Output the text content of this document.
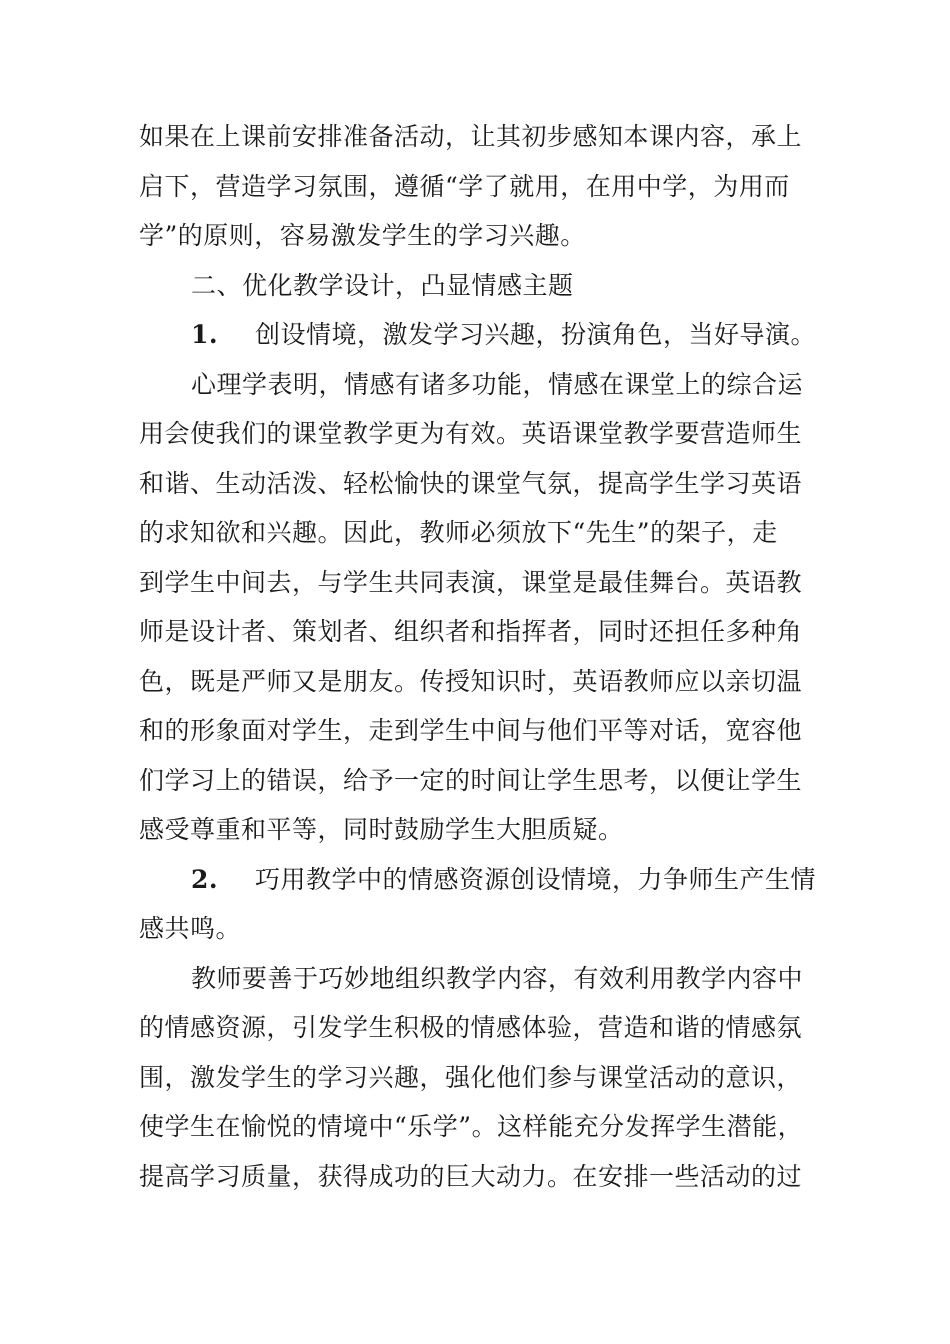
如果在上课前安排准备活动，让其初步感知本课内容，承上
启下，营造学习氛围，遵循“学了就用，在用中学，为用而
学”的原则，容易激发学生的学习兴趣。
二、优化教学设计，凸显情感主题
1. 创设情境，激发学习兴趣，扮演角色，当好导演。
心理学表明，情感有诸多功能，情感在课堂上的综合运
用会使我们的课堂教学更为有效。英语课堂教学要营造师生
和谐、生动活泼、轻松愉快的课堂气氛，提高学生学习英语
的求知欲和兴趣。因此，教师必须放下“先生”的架子，走
到学生中间去，与学生共同表演，课堂是最佳舞台。英语教
师是设计者、策划者、组织者和指挥者，同时还担任多种角
色，既是严师又是朋友。传授知识时，英语教师应以亲切温
和的形象面对学生，走到学生中间与他们平等对话，宽容他
们学习上的错误，给予一定的时间让学生思考，以便让学生
感受尊重和平等，同时鼓励学生大胆质疑。
2. 巧用教学中的情感资源创设情境，力争师生产生情
感共鸣。
教师要善于巧妙地组织教学内容，有效利用教学内容中
的情感资源，引发学生积极的情感体验，营造和谐的情感氛
围，激发学生的学习兴趣，强化他们参与课堂活动的意识，
使学生在愉悦的情境中“乐学”。这样能充分发挥学生潜能，
提高学习质量，获得成功的巨大动力。在安排一些活动的过
